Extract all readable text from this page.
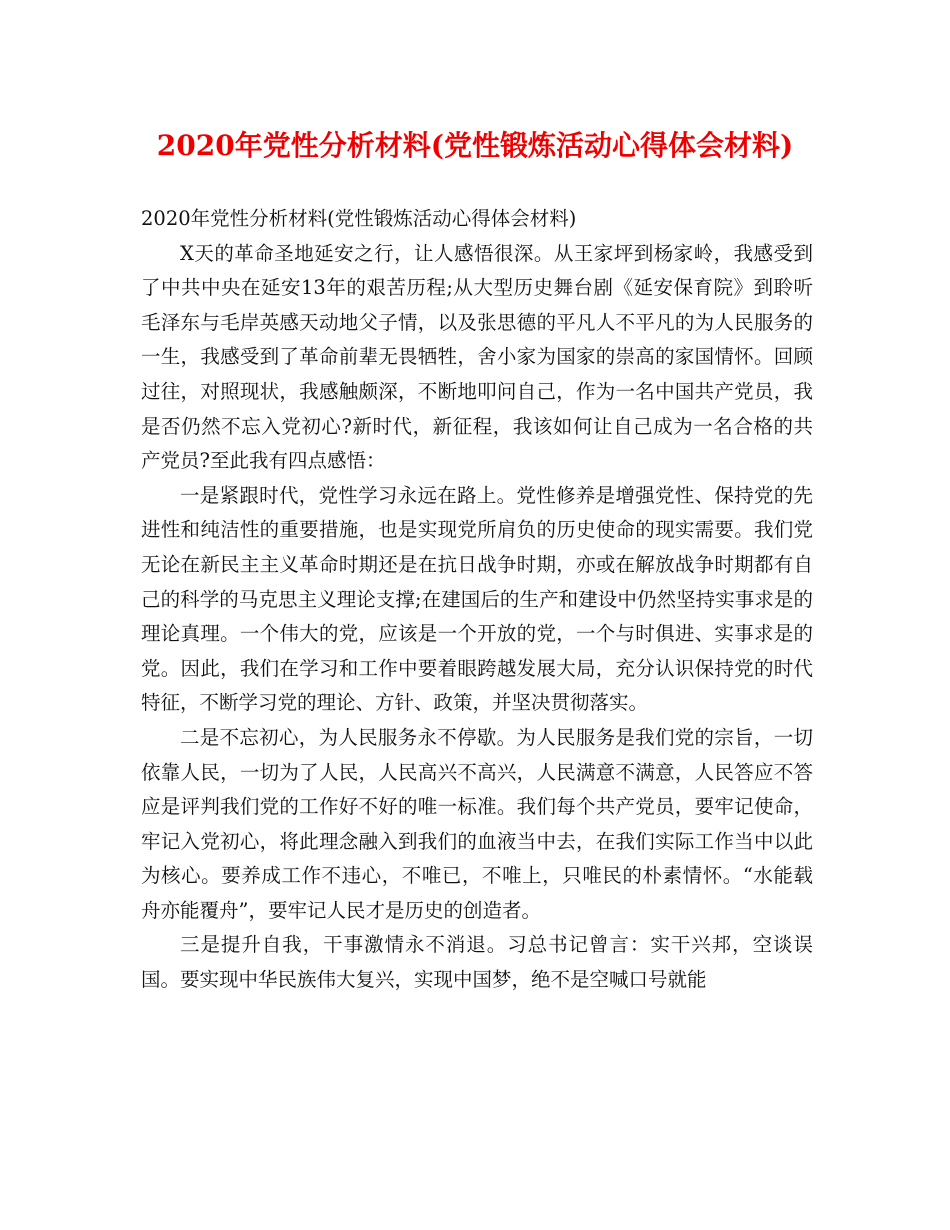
2020年党性分析材料(党性锻炼活动心得体会材料)

2020年党性分析材料(党性锻炼活动心得体会材料)

X天的革命圣地延安之行，让人感悟很深。从王家坪到杨家岭，我感受到了中共中央在延安13年的艰苦历程;从大型历史舞台剧《延安保育院》到聆听毛泽东与毛岸英感天动地父子情，以及张思德的平凡人不平凡的为人民服务的一生，我感受到了革命前辈无畏牺牲，舍小家为国家的崇高的家国情怀。回顾过往，对照现状，我感触颇深，不断地叩问自己，作为一名中国共产党员，我是否仍然不忘入党初心?新时代，新征程，我该如何让自己成为一名合格的共产党员?至此我有四点感悟：

一是紧跟时代，党性学习永远在路上。党性修养是增强党性、保持党的先进性和纯洁性的重要措施，也是实现党所肩负的历史使命的现实需要。我们党无论在新民主主义革命时期还是在抗日战争时期，亦或在解放战争时期都有自己的科学的马克思主义理论支撑;在建国后的生产和建设中仍然坚持实事求是的理论真理。一个伟大的党，应该是一个开放的党，一个与时俱进、实事求是的党。因此，我们在学习和工作中要着眼跨越发展大局，充分认识保持党的时代特征，不断学习党的理论、方针、政策，并坚决贯彻落实。

二是不忘初心，为人民服务永不停歇。为人民服务是我们党的宗旨，一切依靠人民，一切为了人民，人民高兴不高兴，人民满意不满意，人民答应不答应是评判我们党的工作好不好的唯一标准。我们每个共产党员，要牢记使命，牢记入党初心，将此理念融入到我们的血液当中去，在我们实际工作当中以此为核心。要养成工作不违心，不唯已，不唯上，只唯民的朴素情怀。“水能载舟亦能覆舟”，要牢记人民才是历史的创造者。

三是提升自我，干事激情永不消退。习总书记曾言：实干兴邦，空谈误国。要实现中华民族伟大复兴，实现中国梦，绝不是空喊口号就能
